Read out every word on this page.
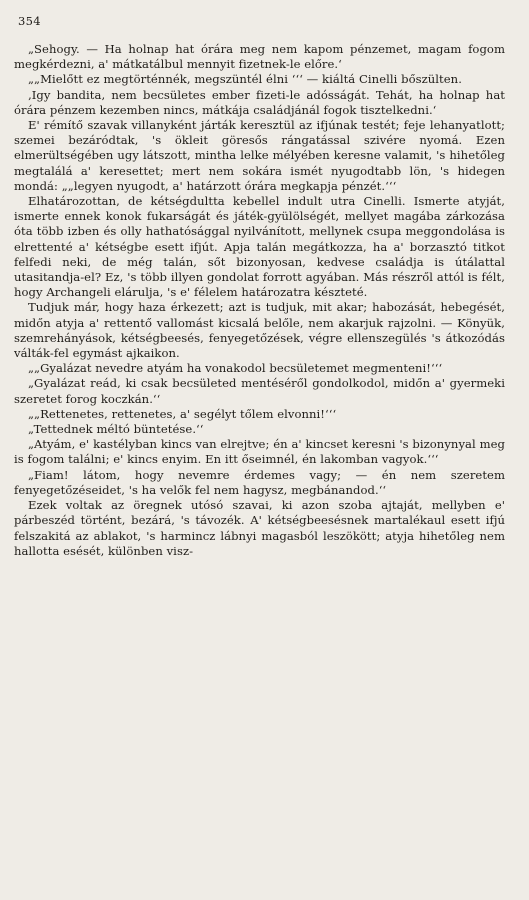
354

„Sehogy. — Ha holnap hat órára meg nem kapom pénzemet, magam fogom megkérdezni, a' mátkatálbul mennyit fizetnek-le előre.‘

„„Mielőtt ez megtörténnék, megszüntél élni ‘‘‘ — kiáltá Cinelli bőszülten.

‚Igy bandita, nem becsületes ember fizeti-le adósságát. Tehát, ha holnap hat órára pénzem kezemben nincs, mátkája családjánál fogok tisztelkedni.‘

E' rémítő szavak villanyként járták keresztül az ifjúnak testét; feje lehanyatlott; szemei bezáródtak, 's ökleit göresős rángatással szivére nyomá. Ezen elmerültségében ugy látszott, mintha lelke mélyében keresne valamit, 's hihetőleg megtalálá a' keresettet; mert nem sokára ismét nyugodtabb lön, 's hidegen mondá: „„legyen nyugodt, a' határzott órára megkapja pénzét.‘‘‘

Elhatározottan, de kétségdultta kebellel indult utra Cinelli. Ismerte atyját, ismerte ennek konok fukarságát és játék-gyülölségét, mellyet magába zárkozása óta több izben és olly hathatósággal nyilvánított, mellynek csupa meggondolása is elrettenté a' kétségbe esett ifjút. Apja talán megátkozza, ha a' borzasztó titkot felfedi neki, de még talán, sőt bizonyosan, kedvese családja is útálattal utasitandja-el? Ez, 's több illyen gondolat forrott agyában. Más részről attól is félt, hogy Archangeli elárulja, 's e' félelem határozatra készteté.

Tudjuk már, hogy haza érkezett; azt is tudjuk, mit akar; habozását, hebegését, midőn atyja a' rettentő vallomást kicsalá belőle, nem akarjuk rajzolni. — Könyük, szemrehányások, kétségbeesés, fenyegetőzések, végre ellenszegülés 's átkozódás válták-fel egymást ajkaikon.

„„Gyalázat nevedre atyám ha vonakodol becsületemet megmenteni!‘‘‘

„Gyalázat reád, ki csak becsületed mentéséről gondolkodol, midőn a' gyermeki szeretet forog koczkán.‘‘

„„Rettenetes, rettenetes, a' segélyt tőlem elvonni!‘‘‘

„Tettednek méltó büntetése.‘‘

„Atyám, e' kastélyban kincs van elrejtve; én a' kincset keresni 's bizonynyal meg is fogom találni; e' kincs enyim. En itt őseimnél, én lakomban vagyok.‘‘‘

„Fiam! látom, hogy nevemre érdemes vagy; — én nem szeretem fenyegetőzéseidet, 's ha velők fel nem hagysz, megbánandod.‘‘

Ezek voltak az öregnek utósó szavai, ki azon szoba ajtaját, mellyben e' párbeszéd történt, bezárá, 's távozék. A' kétségbeesésnek martalékaul esett ifjú felszakitá az ablakot, 's harmincz lábnyi magasból leszökött; atyja hihetőleg nem hallotta esését, különben visz-
